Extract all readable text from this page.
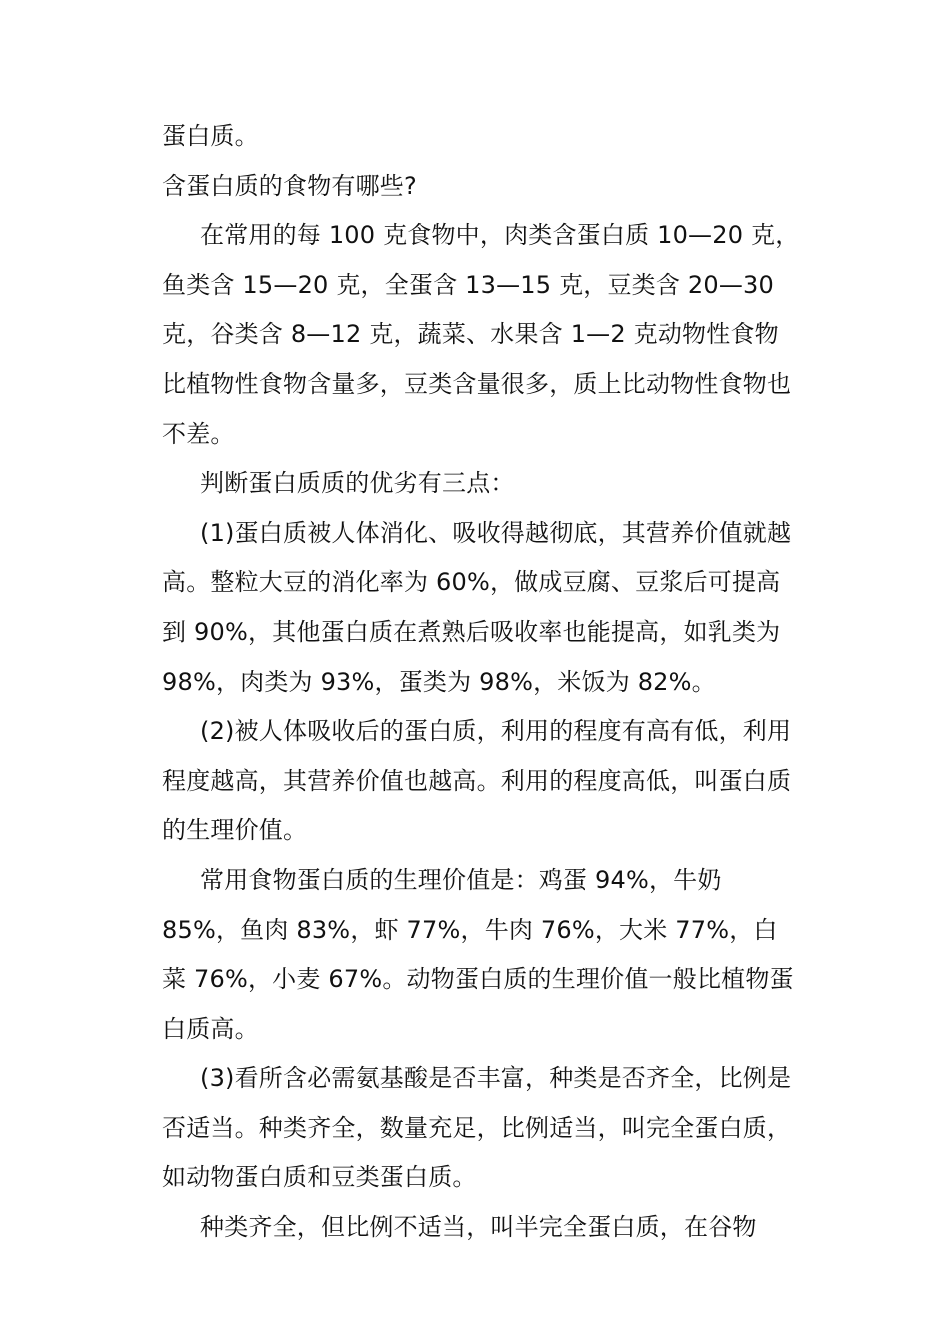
蛋白质。

含蛋白质的食物有哪些?

在常用的每 100 克食物中，肉类含蛋白质 10—20 克，鱼类含 15—20 克，全蛋含 13—15 克，豆类含 20—30 克，谷类含 8—12 克，蔬菜、水果含 1—2 克动物性食物比植物性食物含量多，豆类含量很多，质上比动物性食物也不差。

判断蛋白质质的优劣有三点：

(1)蛋白质被人体消化、吸收得越彻底，其营养价值就越高。整粒大豆的消化率为 60%，做成豆腐、豆浆后可提高到 90%，其他蛋白质在煮熟后吸收率也能提高，如乳类为 98%，肉类为 93%，蛋类为 98%，米饭为 82%。

(2)被人体吸收后的蛋白质，利用的程度有高有低，利用程度越高，其营养价值也越高。利用的程度高低，叫蛋白质的生理价值。

常用食物蛋白质的生理价值是：鸡蛋 94%，牛奶 85%，鱼肉 83%，虾 77%，牛肉 76%，大米 77%，白菜 76%，小麦 67%。动物蛋白质的生理价值一般比植物蛋白质高。

(3)看所含必需氨基酸是否丰富，种类是否齐全，比例是否适当。种类齐全，数量充足，比例适当，叫完全蛋白质，如动物蛋白质和豆类蛋白质。

种类齐全，但比例不适当，叫半完全蛋白质，在谷物
